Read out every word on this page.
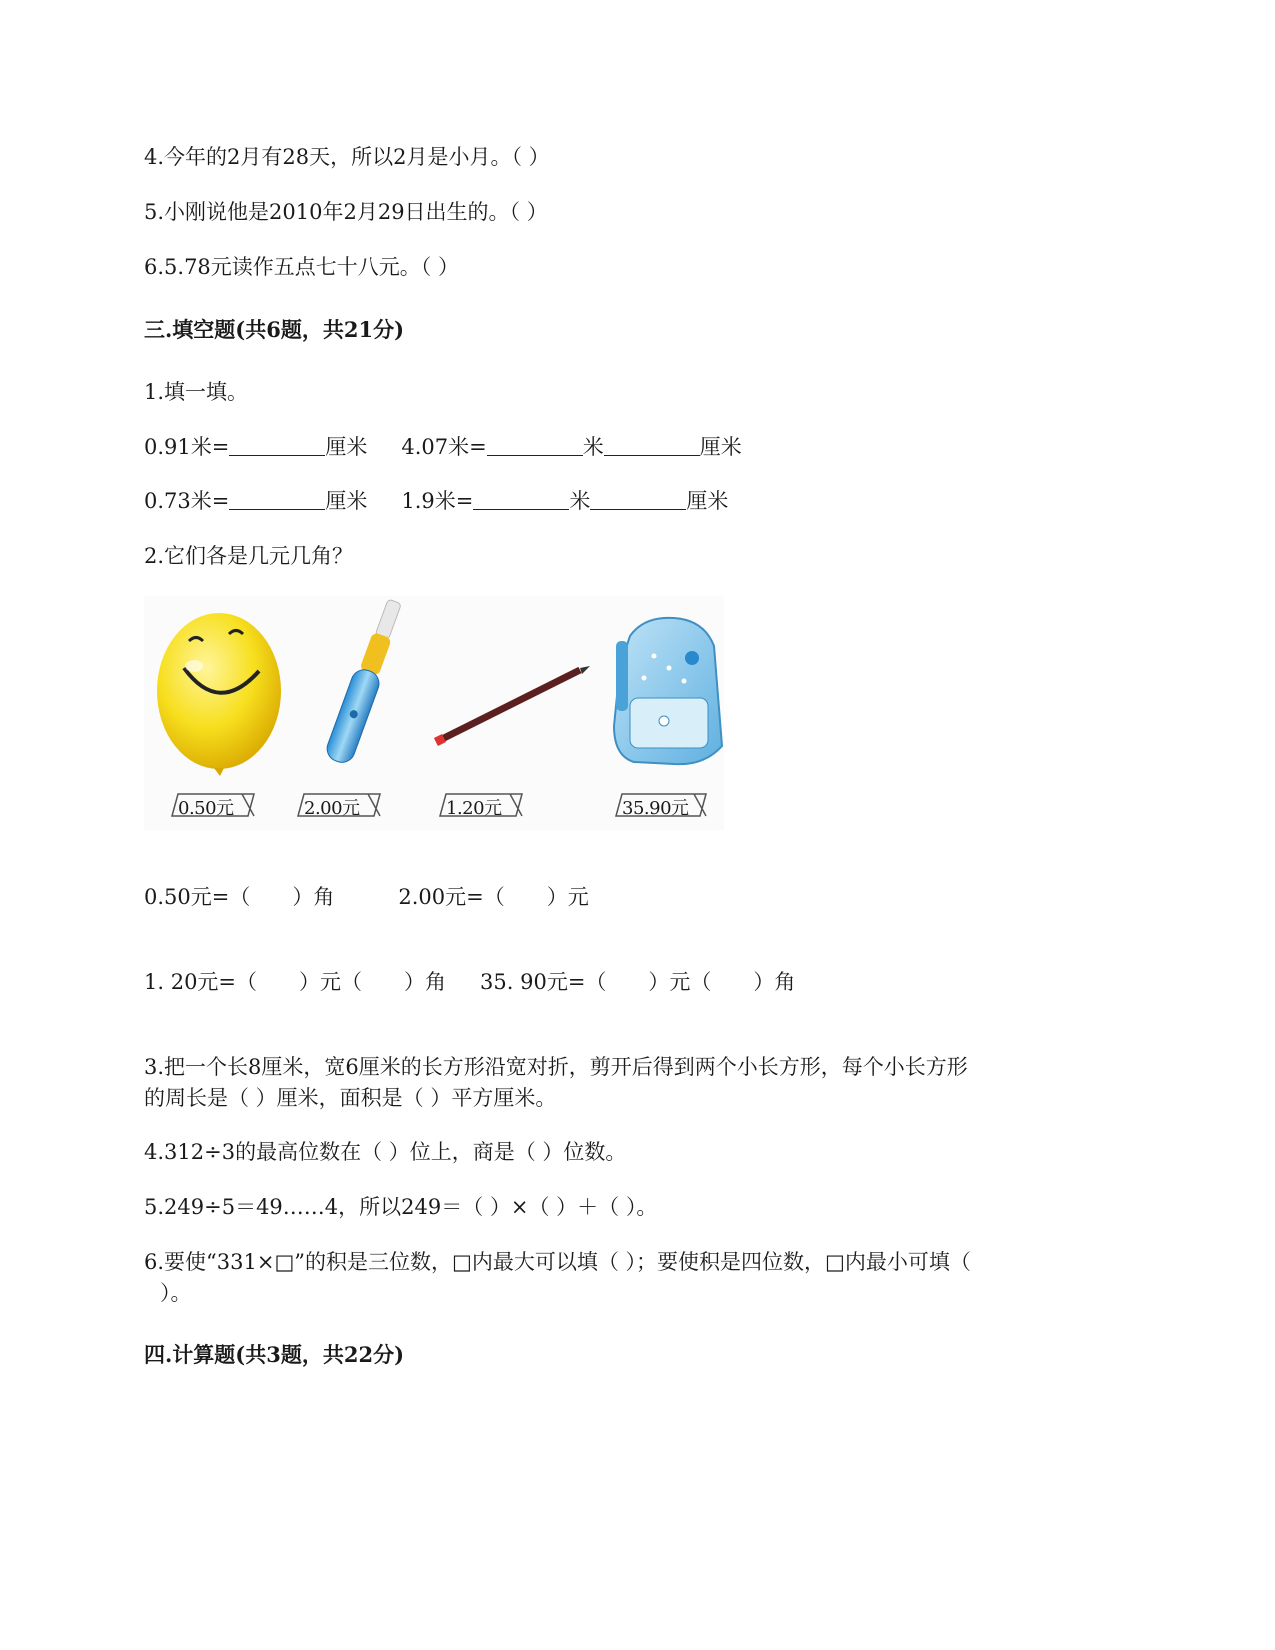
4.今年的2月有28天，所以2月是小月。（ ）
5.小刚说他是2010年2月29日出生的。（ ）
6.5.78元读作五点七十八元。（ ）
三.填空题(共6题，共21分)
1.填一填。
0.91米=	厘米 4.07米=	米	厘米
0.73米=	厘米 1.9米=	米	厘米
2.它们各是几元几角？
0.50元	2.00元	1.20元	35.90元
0.50元=（　　）角	2.00元=（　　）元
1. 20元=（　　）元（　　）角 35. 90元=（　　）元（　　）角
3.把一个长8厘米，宽6厘米的长方形沿宽对折，剪开后得到两个小长方形，每个小长方形
的周长是（ ）厘米，面积是（ ）平方厘米。
4.312÷3的最高位数在（ ）位上，商是（ ）位数。
5.249÷5＝49……4，所以249＝（ ）×（ ）＋（ ）。
6.要使“331×□”的积是三位数，□内最大可以填（ ）；要使积是四位数，□内最小可填（
）。
四.计算题(共3题，共22分)
